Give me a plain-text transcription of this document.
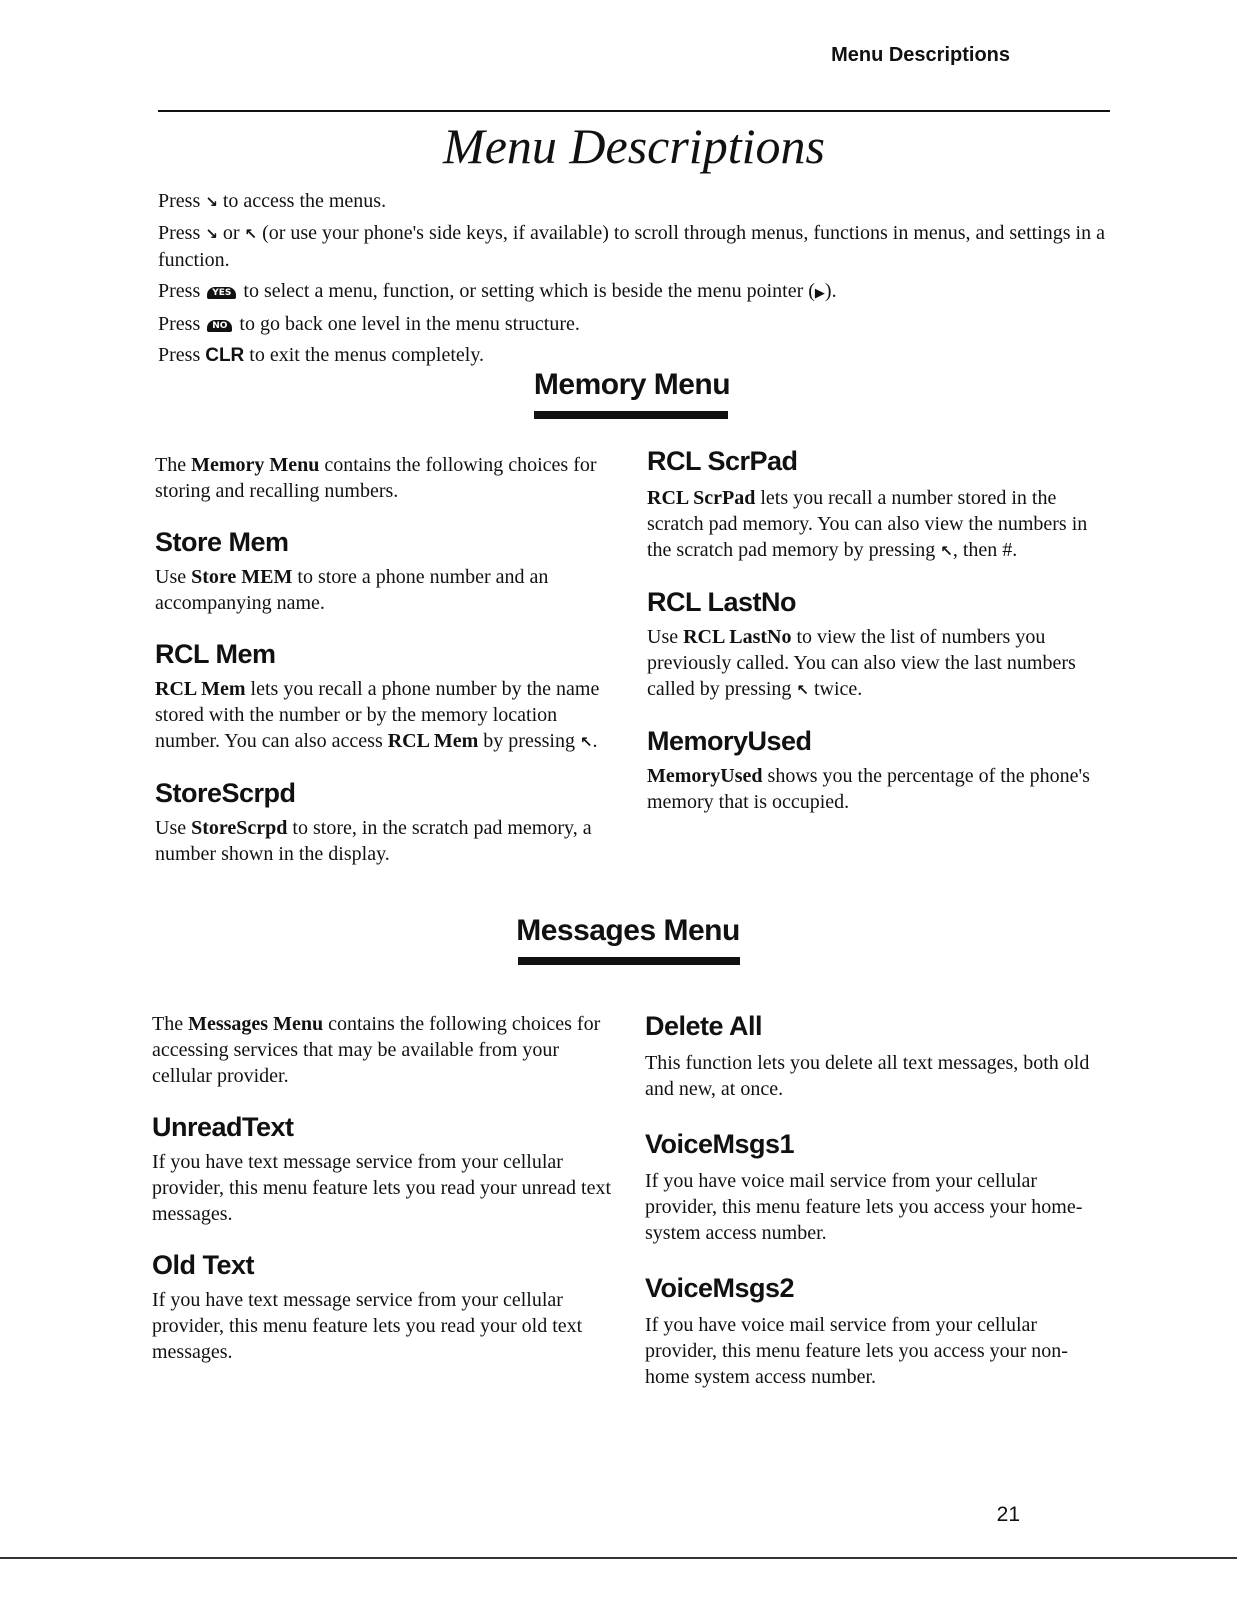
Menu Descriptions
Menu Descriptions

Press ↘ to access the menus.

Press ↘ or ↖ (or use your phone's side keys, if available) to scroll through menus, functions in menus, and settings in a function.

Press YES to select a menu, function, or setting which is beside the menu pointer (▶).

Press NO to go back one level in the menu structure.

Press CLR to exit the menus completely.

Memory Menu

The Memory Menu contains the following choices for storing and recalling numbers.

Store Mem

Use Store MEM to store a phone number and an accompanying name.

RCL Mem

RCL Mem lets you recall a phone number by the name stored with the number or by the memory location number. You can also access RCL Mem by pressing ↖.

StoreScrpd

Use StoreScrpd to store, in the scratch pad memory, a number shown in the display.

RCL ScrPad

RCL ScrPad lets you recall a number stored in the scratch pad memory. You can also view the numbers in the scratch pad memory by pressing ↖, then #.

RCL LastNo

Use RCL LastNo to view the list of numbers you previously called. You can also view the last numbers called by pressing ↖ twice.

MemoryUsed

MemoryUsed shows you the percentage of the phone's memory that is occupied.

Messages Menu

The Messages Menu contains the following choices for accessing services that may be available from your cellular provider.

UnreadText

If you have text message service from your cellular provider, this menu feature lets you read your unread text messages.

Old Text

If you have text message service from your cellular provider, this menu feature lets you read your old text messages.

Delete All

This function lets you delete all text messages, both old and new, at once.

VoiceMsgs1

If you have voice mail service from your cellular provider, this menu feature lets you access your home-system access number.

VoiceMsgs2

If you have voice mail service from your cellular provider, this menu feature lets you access your non-home system access number.

21
